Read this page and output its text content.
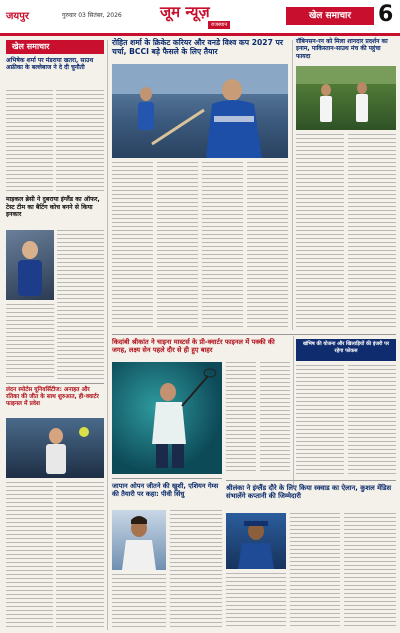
जयपुर	गुरुवार 03 सितंबर, 2026	जूम न्यूज़
राजस्थान
खेल समाचार	6
खेल समाचार
अभिषेक शर्मा पर मंडराया खतरा, साउथ अफ्रीका के बल्लेबाज ने दे दी चुनौती
माइकल ब्रेसी ने दुबराया इंग्लैंड का ऑफर, टेस्ट टीम का बैटिंग कोच बनने से किया इनकार
लंदन स्पोर्टस यूनिवर्सिटीज: अनाहत और रतिका की जीत के साथ शुरुआत, ही-क्वार्टर फाइनल में प्रवेश
रोहित शर्मा के क्रिकेट करियर और वनडे विश्व कप 2027 पर चर्चा, BCCI बड़े फैसले के लिए तैयार
रॉबिनसन-रन को मिला शानदार प्रदर्शन का इनाम, पाकिस्तान-साउथ मंच की पहुंचा फायदा
किदांबी श्रीकांत ने चाइना मास्टर्स के प्री-क्वार्टर फाइनल में पक्की की जगह, लक्ष्य सेन पहले दौर से ही हुए बाहर
खंभिष की योजना और खिलाड़ियों की इंजरी पर रहेगा फोकस
श्रीलंका ने इंग्लैंड दौरे के लिए किया स्क्वाड का ऐलान, कुशल मेंडिस संभालेंगे कप्तानी की जिम्मेदारी
जापान ओपन जीतने की खुशी, एशियन गेम्स की तैयारी पर कहा: पीवी सिंधु
